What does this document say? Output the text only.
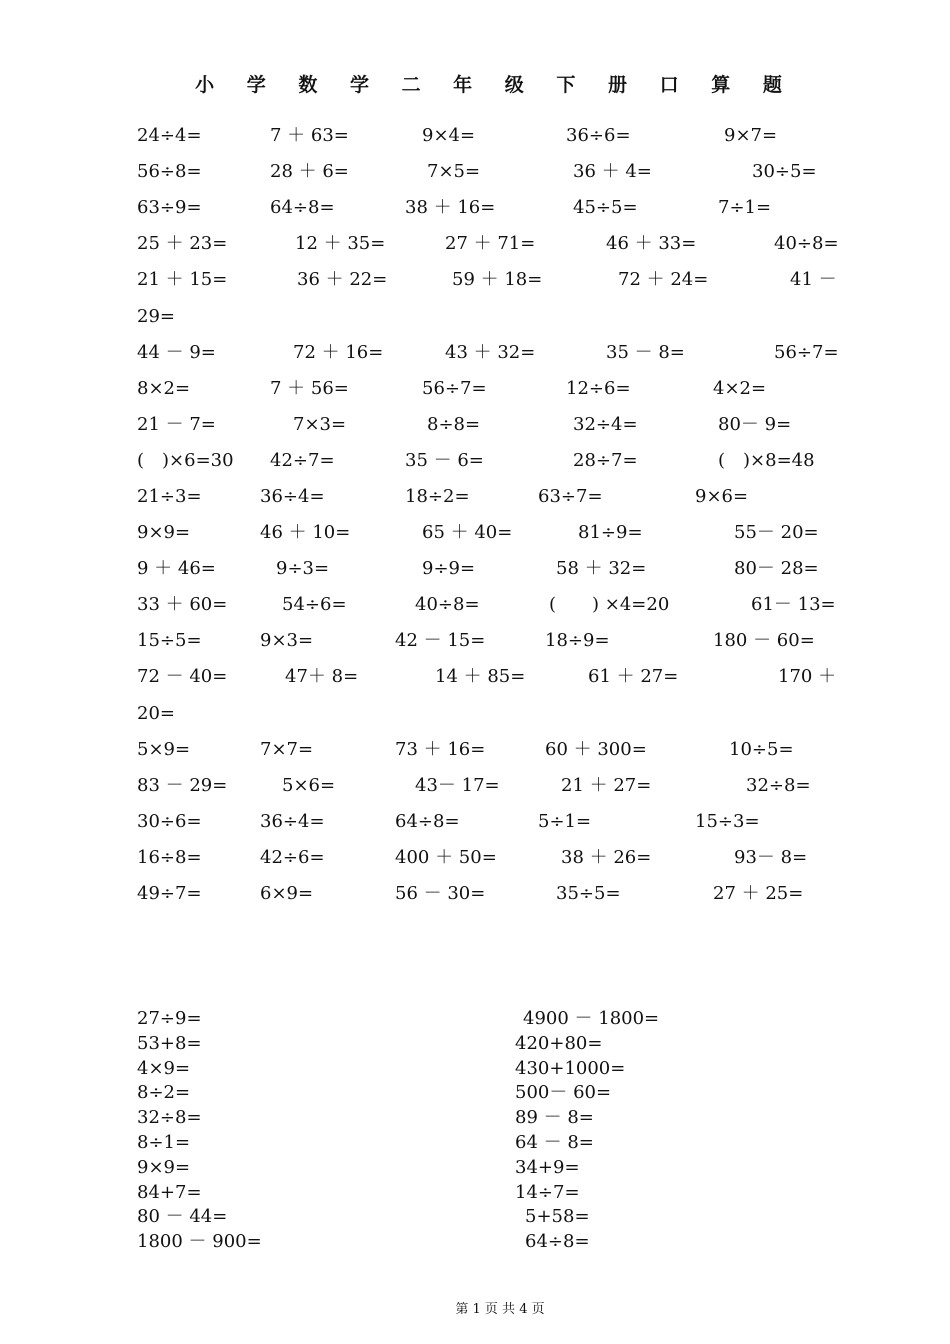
小 学 数 学 二 年 级 下 册 口 算 题
24÷4=	7 ＋ 63=	9×4=	36÷6=	9×7=
56÷8=	28 ＋ 6=	7×5=	36 ＋ 4=	30÷5=
63÷9=	64÷8=	38 ＋ 16=	45÷5=	7÷1=
25 ＋ 23=	12 ＋ 35=	27 ＋ 71=	46 ＋ 33=	40÷8=
21 ＋ 15=	36 ＋ 22=	59 ＋ 18=	72 ＋ 24=	41 －
29=
44 － 9=	72 ＋ 16=	43 ＋ 32=	35 － 8=	56÷7=
8×2=	7 ＋ 56=	56÷7=	12÷6=	4×2=
21 － 7=	7×3=	8÷8=	32÷4=	80－ 9=
(　)×6=30 42÷7=	35 － 6=	28÷7=	(　)×8=48
21÷3=	36÷4=	18÷2=	63÷7=	9×6=
9×9=	46 ＋ 10=	65 ＋ 40=	81÷9=	55－ 20=
9 ＋ 46=	9÷3=	9÷9=	58 ＋ 32=	80－ 28=
33 ＋ 60=	54÷6=	40÷8=	(　　) ×4=20	61－ 13=
15÷5=	9×3=	42 － 15=	18÷9=	180 － 60=
72 － 40=	47＋ 8=	14 ＋ 85=	61 ＋ 27=	170 ＋
20=
5×9=	7×7=	73 ＋ 16=	60 ＋ 300=	10÷5=
83 － 29=	5×6=	43－ 17=	21 ＋ 27=	32÷8=
30÷6=	36÷4=	64÷8=	5÷1=	15÷3=
16÷8=	42÷6=	400 ＋ 50=	38 ＋ 26=	93－ 8=
49÷7=	6×9=	56 － 30=	35÷5=	27 ＋ 25=
27÷9=
53+8=
4×9=
8÷2=
32÷8=
8÷1=
9×9=
84+7=
80 － 44=
1800 － 900=
4900 － 1800=
420+80=
430+1000=
500－ 60=
89 － 8=
64 － 8=
34+9=
14÷7=
5+58=
64÷8=
第 1 页 共 4 页
